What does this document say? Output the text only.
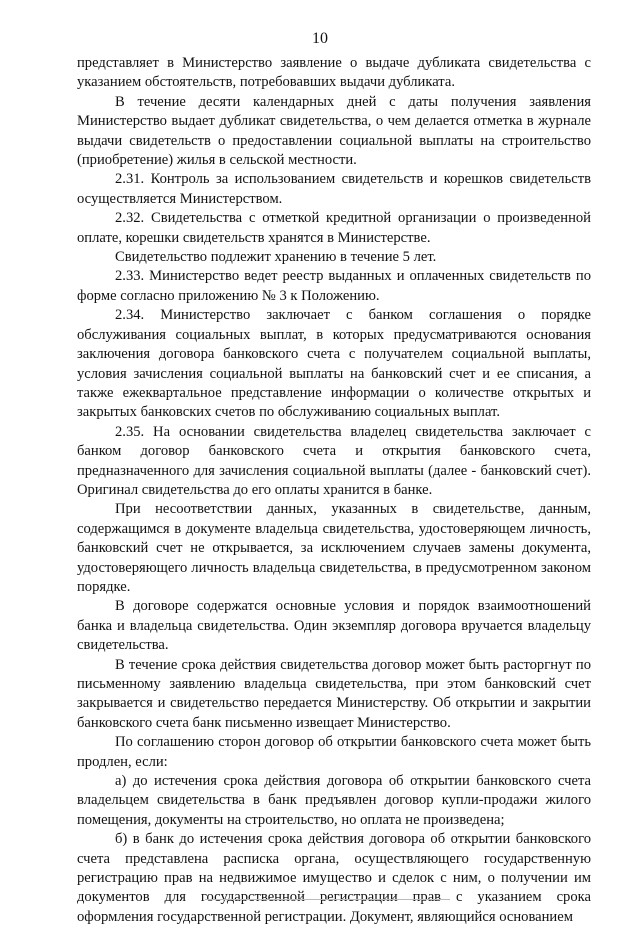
10

представляет в Министерство заявление о выдаче дубликата свидетельства с указанием обстоятельств, потребовавших выдачи дубликата.

В течение десяти календарных дней с даты получения заявления Министерство выдает дубликат свидетельства, о чем делается отметка в журнале выдачи свидетельств о предоставлении социальной выплаты на строительство (приобретение) жилья в сельской местности.

2.31. Контроль за использованием свидетельств и корешков свидетельств осуществляется Министерством.

2.32. Свидетельства с отметкой кредитной организации о произведенной оплате, корешки свидетельств хранятся в Министерстве.

Свидетельство подлежит хранению в течение 5 лет.

2.33. Министерство ведет реестр выданных и оплаченных свидетельств по форме согласно приложению № 3 к Положению.

2.34. Министерство заключает с банком соглашения о порядке обслуживания социальных выплат, в которых предусматриваются основания заключения договора банковского счета с получателем социальной выплаты, условия зачисления социальной выплаты на банковский счет и ее списания, а также ежеквартальное представление информации о количестве открытых и закрытых банковских счетов по обслуживанию социальных выплат.

2.35. На основании свидетельства владелец свидетельства заключает с банком договор банковского счета и открытия банковского счета, предназначенного для зачисления социальной выплаты (далее - банковский счет). Оригинал свидетельства до его оплаты хранится в банке.

При несоответствии данных, указанных в свидетельстве, данным, содержащимся в документе владельца свидетельства, удостоверяющем личность, банковский счет не открывается, за исключением случаев замены документа, удостоверяющего личность владельца свидетельства, в предусмотренном законом порядке.

В договоре содержатся основные условия и порядок взаимоотношений банка и владельца свидетельства. Один экземпляр договора вручается владельцу свидетельства.

В течение срока действия свидетельства договор может быть расторгнут по письменному заявлению владельца свидетельства, при этом банковский счет закрывается и свидетельство передается Министерству. Об открытии и закрытии банковского счета банк письменно извещает Министерство.

По соглашению сторон договор об открытии банковского счета может быть продлен, если:

а) до истечения срока действия договора об открытии банковского счета владельцем свидетельства в банк предъявлен договор купли-продажи жилого помещения, документы на строительство, но оплата не произведена;

б) в банк до истечения срока действия договора об открытии банковского счета представлена расписка органа, осуществляющего государственную регистрацию прав на недвижимое имущество и сделок с ним, о получении им документов для государственной регистрации прав с указанием срока оформления государственной регистрации. Документ, являющийся основанием
